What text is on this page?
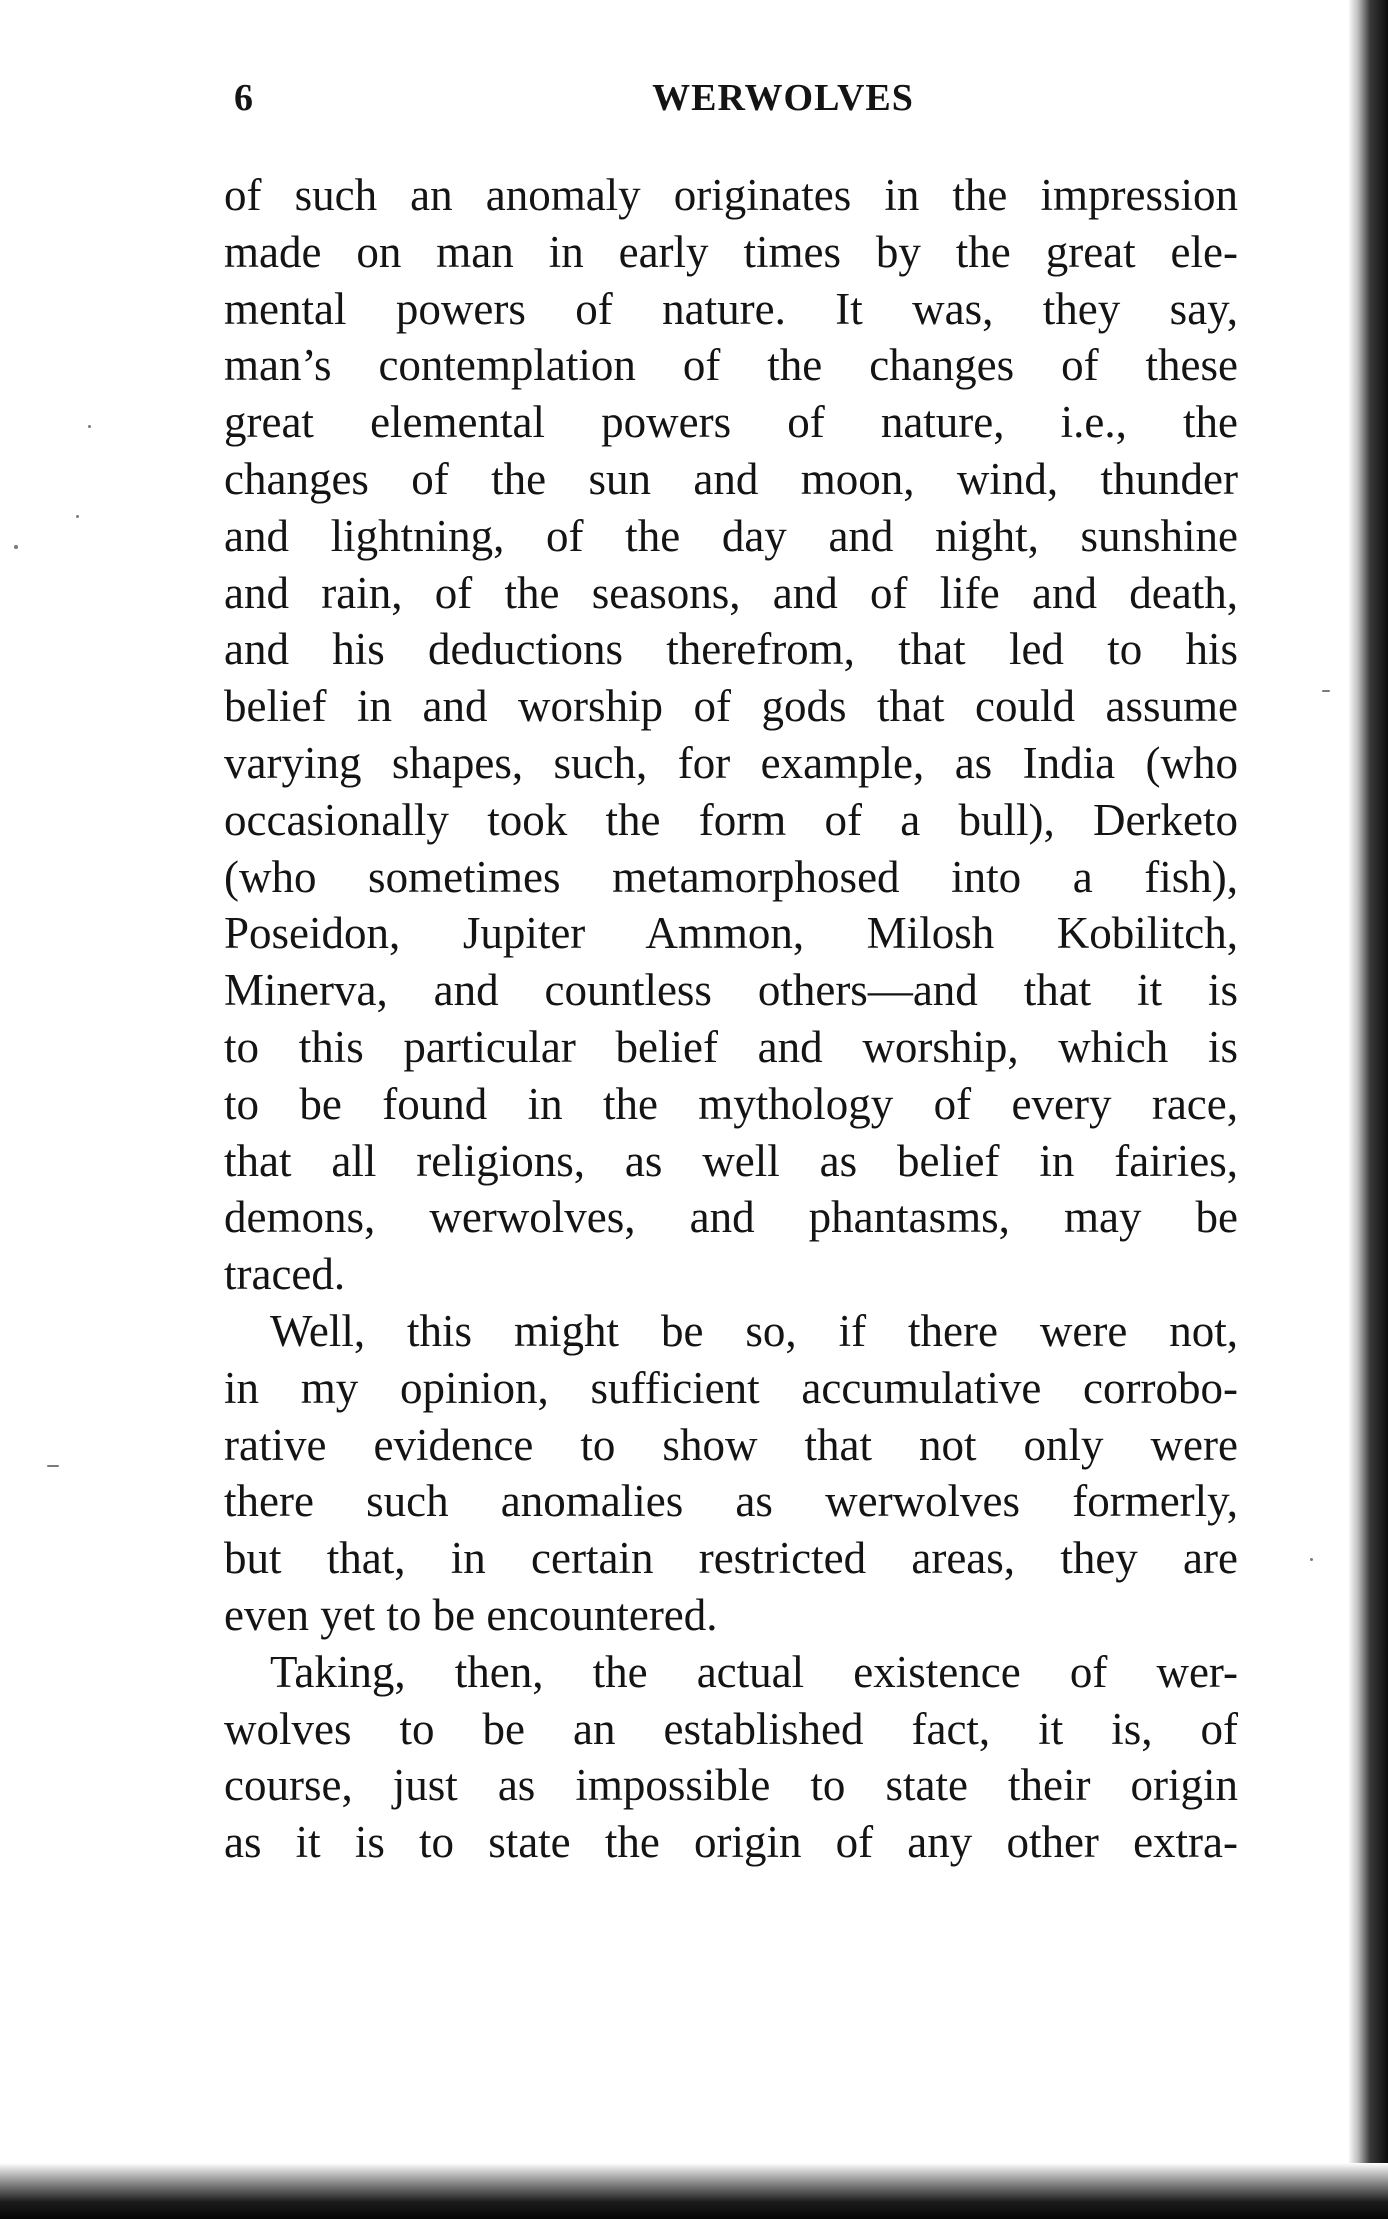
6	WERWOLVES
of such an anomaly originates in the impression
made on man in early times by the great ele-
mental powers of nature. It was, they say,
man’s contemplation of the changes of these
great elemental powers of nature, i.e., the
changes of the sun and moon, wind, thunder
and lightning, of the day and night, sunshine
and rain, of the seasons, and of life and death,
and his deductions therefrom, that led to his
belief in and worship of gods that could assume
varying shapes, such, for example, as India (who
occasionally took the form of a bull), Derketo
(who sometimes metamorphosed into a fish),
Poseidon, Jupiter Ammon, Milosh Kobilitch,
Minerva, and countless others—and that it is
to this particular belief and worship, which is
to be found in the mythology of every race,
that all religions, as well as belief in fairies,
demons, werwolves, and phantasms, may be
traced.
Well, this might be so, if there were not,
in my opinion, sufficient accumulative corrobo-
rative evidence to show that not only were
there such anomalies as werwolves formerly,
but that, in certain restricted areas, they are
even yet to be encountered.
Taking, then, the actual existence of wer-
wolves to be an established fact, it is, of
course, just as impossible to state their origin
as it is to state the origin of any other extra-
